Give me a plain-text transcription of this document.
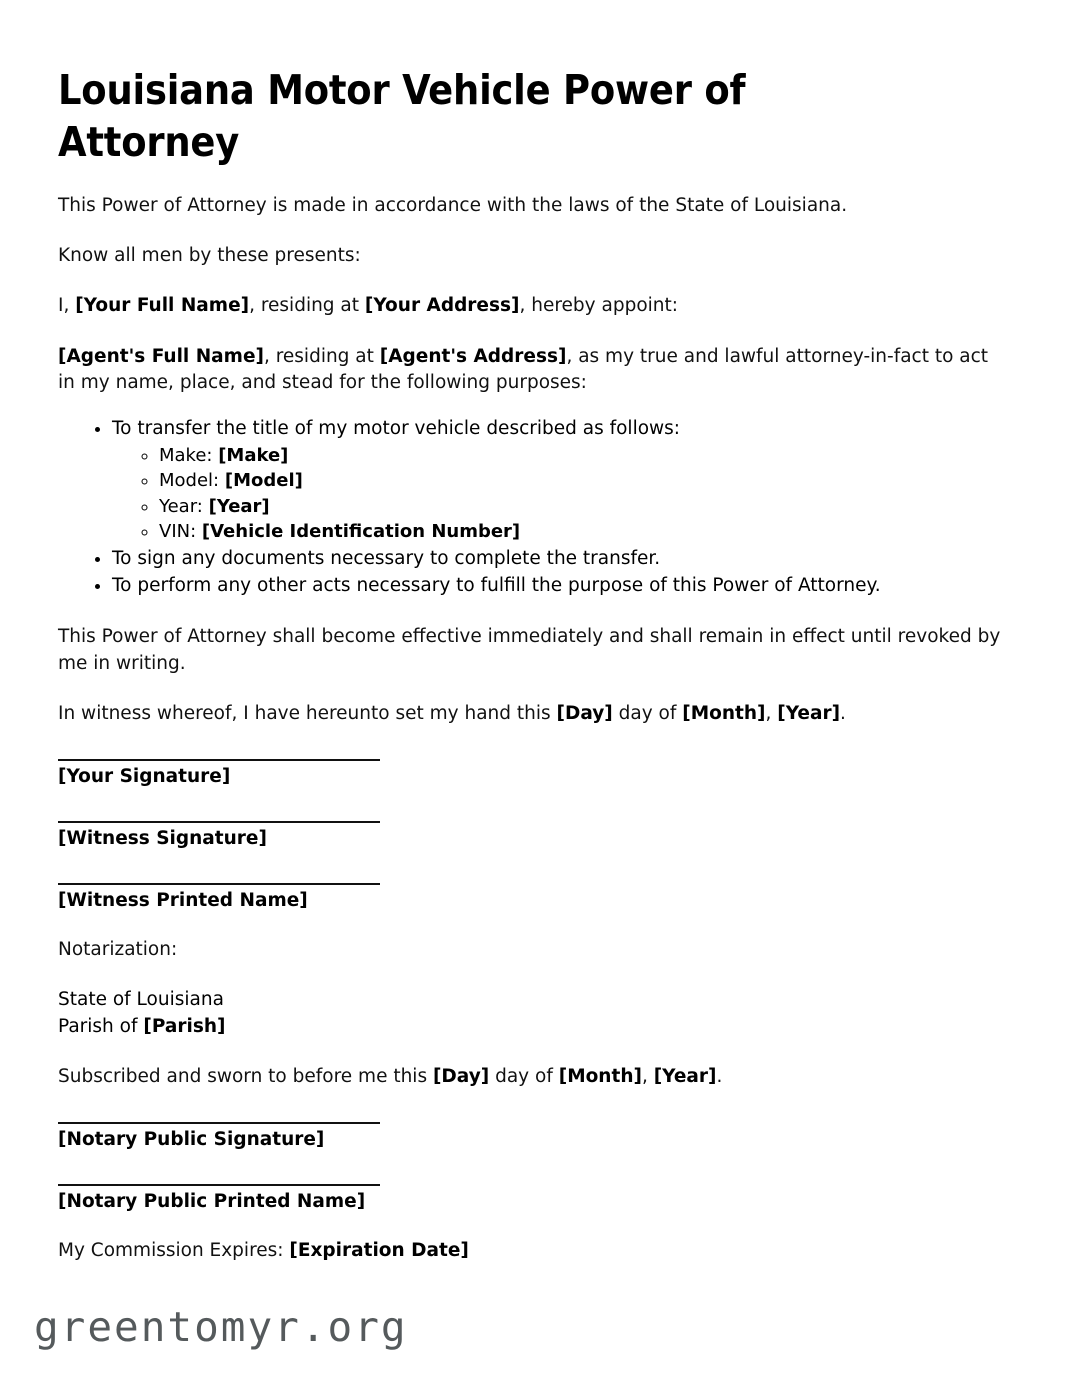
Louisiana Motor Vehicle Power of Attorney

This Power of Attorney is made in accordance with the laws of the State of Louisiana.

Know all men by these presents:

I, [Your Full Name], residing at [Your Address], hereby appoint:

[Agent's Full Name], residing at [Agent's Address], as my true and lawful attorney-in-fact to act in my name, place, and stead for the following purposes:

• To transfer the title of my motor vehicle described as follows:
◦ Make: [Make]
◦ Model: [Model]
◦ Year: [Year]
◦ VIN: [Vehicle Identification Number]
• To sign any documents necessary to complete the transfer.
• To perform any other acts necessary to fulfill the purpose of this Power of Attorney.

This Power of Attorney shall become effective immediately and shall remain in effect until revoked by me in writing.

In witness whereof, I have hereunto set my hand this [Day] day of [Month], [Year].

[Your Signature]
[Witness Signature]
[Witness Printed Name]

Notarization:

State of Louisiana
Parish of [Parish]

Subscribed and sworn to before me this [Day] day of [Month], [Year].

[Notary Public Signature]
[Notary Public Printed Name]

My Commission Expires: [Expiration Date]

greentomyr.org
